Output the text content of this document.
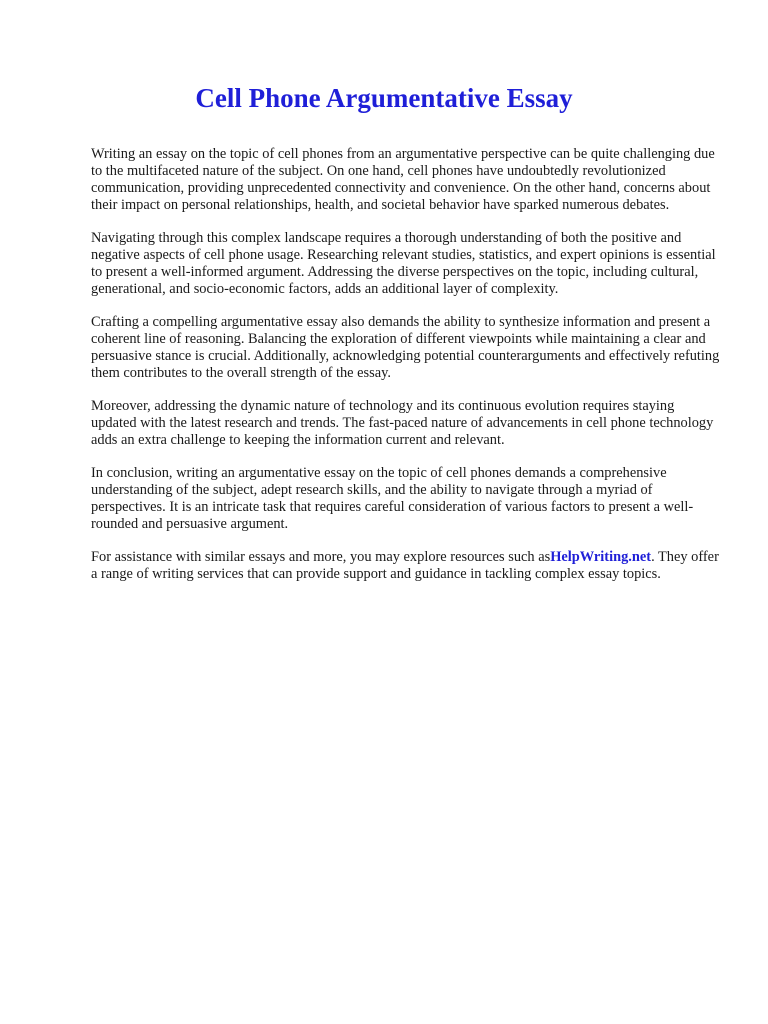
Cell Phone Argumentative Essay

Writing an essay on the topic of cell phones from an argumentative perspective can be quite challenging due to the multifaceted nature of the subject. On one hand, cell phones have undoubtedly revolutionized communication, providing unprecedented connectivity and convenience. On the other hand, concerns about their impact on personal relationships, health, and societal behavior have sparked numerous debates.

Navigating through this complex landscape requires a thorough understanding of both the positive and negative aspects of cell phone usage. Researching relevant studies, statistics, and expert opinions is essential to present a well-informed argument. Addressing the diverse perspectives on the topic, including cultural, generational, and socio-economic factors, adds an additional layer of complexity.

Crafting a compelling argumentative essay also demands the ability to synthesize information and present a coherent line of reasoning. Balancing the exploration of different viewpoints while maintaining a clear and persuasive stance is crucial. Additionally, acknowledging potential counterarguments and effectively refuting them contributes to the overall strength of the essay.

Moreover, addressing the dynamic nature of technology and its continuous evolution requires staying updated with the latest research and trends. The fast-paced nature of advancements in cell phone technology adds an extra challenge to keeping the information current and relevant.

In conclusion, writing an argumentative essay on the topic of cell phones demands a comprehensive understanding of the subject, adept research skills, and the ability to navigate through a myriad of perspectives. It is an intricate task that requires careful consideration of various factors to present a well-rounded and persuasive argument.

For assistance with similar essays and more, you may explore resources such asHelpWriting.net. They offer a range of writing services that can provide support and guidance in tackling complex essay topics.
